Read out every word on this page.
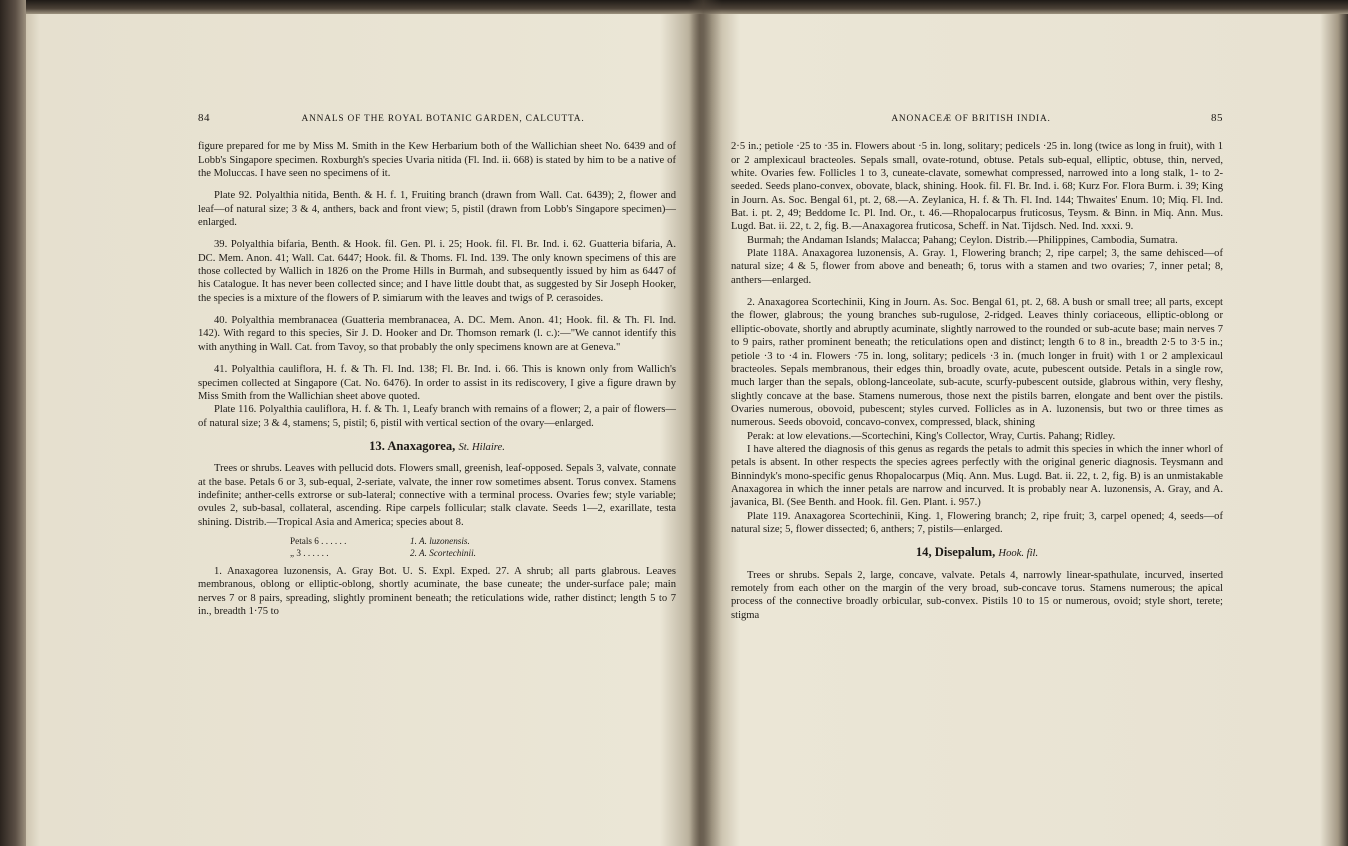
84	ANNALS OF THE ROYAL BOTANIC GARDEN, CALCUTTA.

figure prepared for me by Miss M. Smith in the Kew Herbarium both of the Wallichian sheet No. 6439 and of Lobb's Singapore specimen. Roxburgh's species Uvaria nitida (Fl. Ind. ii. 668) is stated by him to be a native of the Moluccas. I have seen no specimens of it.

Plate 92. Polyalthia nitida, Benth. & H. f. 1, Fruiting branch (drawn from Wall. Cat. 6439); 2, flower and leaf—of natural size; 3 & 4, anthers, back and front view; 5, pistil (drawn from Lobb's Singapore specimen)—enlarged.

39. Polyalthia bifaria, Benth. & Hook. fil. Gen. Pl. i. 25; Hook. fil. Fl. Br. Ind. i. 62. Guatteria bifaria, A. DC. Mem. Anon. 41; Wall. Cat. 6447; Hook. fil. & Thoms. Fl. Ind. 139. The only known specimens of this are those collected by Wallich in 1826 on the Prome Hills in Burmah, and subsequently issued by him as 6447 of his Catalogue. It has never been collected since; and I have little doubt that, as suggested by Sir Joseph Hooker, the species is a mixture of the flowers of P. simiarum with the leaves and twigs of P. cerasoides.

40. Polyalthia membranacea (Guatteria membranacea, A. DC. Mem. Anon. 41; Hook. fil. & Th. Fl. Ind. 142). With regard to this species, Sir J. D. Hooker and Dr. Thomson remark (l. c.):—"We cannot identify this with anything in Wall. Cat. from Tavoy, so that probably the only specimens known are at Geneva."

41. Polyalthia cauliflora, H. f. & Th. Fl. Ind. 138; Fl. Br. Ind. i. 66. This is known only from Wallich's specimen collected at Singapore (Cat. No. 6476). In order to assist in its rediscovery, I give a figure drawn by Miss Smith from the Wallichian sheet above quoted.

Plate 116. Polyalthia cauliflora, H. f. & Th. 1, Leafy branch with remains of a flower; 2, a pair of flowers—of natural size; 3 & 4, stamens; 5, pistil; 6, pistil with vertical section of the ovary—enlarged.

13. Anaxagorea, St. Hilaire.

Trees or shrubs. Leaves with pellucid dots. Flowers small, greenish, leaf-opposed. Sepals 3, valvate, connate at the base. Petals 6 or 3, sub-equal, 2-seriate, valvate, the inner row sometimes absent. Torus convex. Stamens indefinite; anther-cells extrorse or sub-lateral; connective with a terminal process. Ovaries few; style variable; ovules 2, sub-basal, collateral, ascending. Ripe carpels follicular; stalk clavate. Seeds 1—2, exarillate, testa shining. Distrib.—Tropical Asia and America; species about 8.

Petals 6 . . . . . .	1. A. luzonensis.
„ 3 . . . . . .	2. A. Scortechinii.

1. Anaxagorea luzonensis, A. Gray Bot. U. S. Expl. Exped. 27. A shrub; all parts glabrous. Leaves membranous, oblong or elliptic-oblong, shortly acuminate, the base cuneate; the under-surface pale; main nerves 7 or 8 pairs, spreading, slightly prominent beneath; the reticulations wide, rather distinct; length 5 to 7 in., breadth 1·75 to

ANONACEÆ OF BRITISH INDIA.	85

2·5 in.; petiole ·25 to ·35 in. Flowers about ·5 in. long, solitary; pedicels ·25 in. long (twice as long in fruit), with 1 or 2 amplexicaul bracteoles. Sepals small, ovate-rotund, obtuse. Petals sub-equal, elliptic, obtuse, thin, nerved, white. Ovaries few. Follicles 1 to 3, cuneate-clavate, somewhat compressed, narrowed into a long stalk, 1- to 2-seeded. Seeds plano-convex, obovate, black, shining. Hook. fil. Fl. Br. Ind. i. 68; Kurz For. Flora Burm. i. 39; King in Journ. As. Soc. Bengal 61, pt. 2, 68.—A. Zeylanica, H. f. & Th. Fl. Ind. 144; Thwaites' Enum. 10; Miq. Fl. Ind. Bat. i. pt. 2, 49; Beddome Ic. Pl. Ind. Or., t. 46.—Rhopalocarpus fruticosus, Teysm. & Binn. in Miq. Ann. Mus. Lugd. Bat. ii. 22, t. 2, fig. B.—Anaxagorea fruticosa, Scheff. in Nat. Tijdsch. Ned. Ind. xxxi. 9.

Burmah; the Andaman Islands; Malacca; Pahang; Ceylon. Distrib.—Philippines, Cambodia, Sumatra.

Plate 118A. Anaxagorea luzonensis, A. Gray. 1, Flowering branch; 2, ripe carpel; 3, the same dehisced—of natural size; 4 & 5, flower from above and beneath; 6, torus with a stamen and two ovaries; 7, inner petal; 8, anthers—enlarged.

2. Anaxagorea Scortechinii, King in Journ. As. Soc. Bengal 61, pt. 2, 68. A bush or small tree; all parts, except the flower, glabrous; the young branches sub-rugulose, 2-ridged. Leaves thinly coriaceous, elliptic-oblong or elliptic-obovate, shortly and abruptly acuminate, slightly narrowed to the rounded or sub-acute base; main nerves 7 to 9 pairs, rather prominent beneath; the reticulations open and distinct; length 6 to 8 in., breadth 2·5 to 3·5 in.; petiole ·3 to ·4 in. Flowers ·75 in. long, solitary; pedicels ·3 in. (much longer in fruit) with 1 or 2 amplexicaul bracteoles. Sepals membranous, their edges thin, broadly ovate, acute, pubescent outside. Petals in a single row, much larger than the sepals, oblong-lanceolate, sub-acute, scurfy-pubescent outside, glabrous within, very fleshy, slightly concave at the base. Stamens numerous, those next the pistils barren, elongate and bent over the pistils. Ovaries numerous, obovoid, pubescent; styles curved. Follicles as in A. luzonensis, but two or three times as numerous. Seeds obovoid, concavo-convex, compressed, black, shining

Perak: at low elevations.—Scortechini, King's Collector, Wray, Curtis. Pahang; Ridley.

I have altered the diagnosis of this genus as regards the petals to admit this species in which the inner whorl of petals is absent. In other respects the species agrees perfectly with the original generic diagnosis. Teysmann and Binnindyk's mono-specific genus Rhopalocarpus (Miq. Ann. Mus. Lugd. Bat. ii. 22, t. 2, fig. B) is an unmistakable Anaxagorea in which the inner petals are narrow and incurved. It is probably near A. luzonensis, A. Gray, and A. javanica, Bl. (See Benth. and Hook. fil. Gen. Plant. i. 957.)

Plate 119. Anaxagorea Scortechinii, King. 1, Flowering branch; 2, ripe fruit; 3, carpel opened; 4, seeds—of natural size; 5, flower dissected; 6, anthers; 7, pistils—enlarged.

14, Disepalum, Hook. fil.

Trees or shrubs. Sepals 2, large, concave, valvate. Petals 4, narrowly linear-spathulate, incurved, inserted remotely from each other on the margin of the very broad, sub-concave torus. Stamens numerous; the apical process of the connective broadly orbicular, sub-convex. Pistils 10 to 15 or numerous, ovoid; style short, terete; stigma
